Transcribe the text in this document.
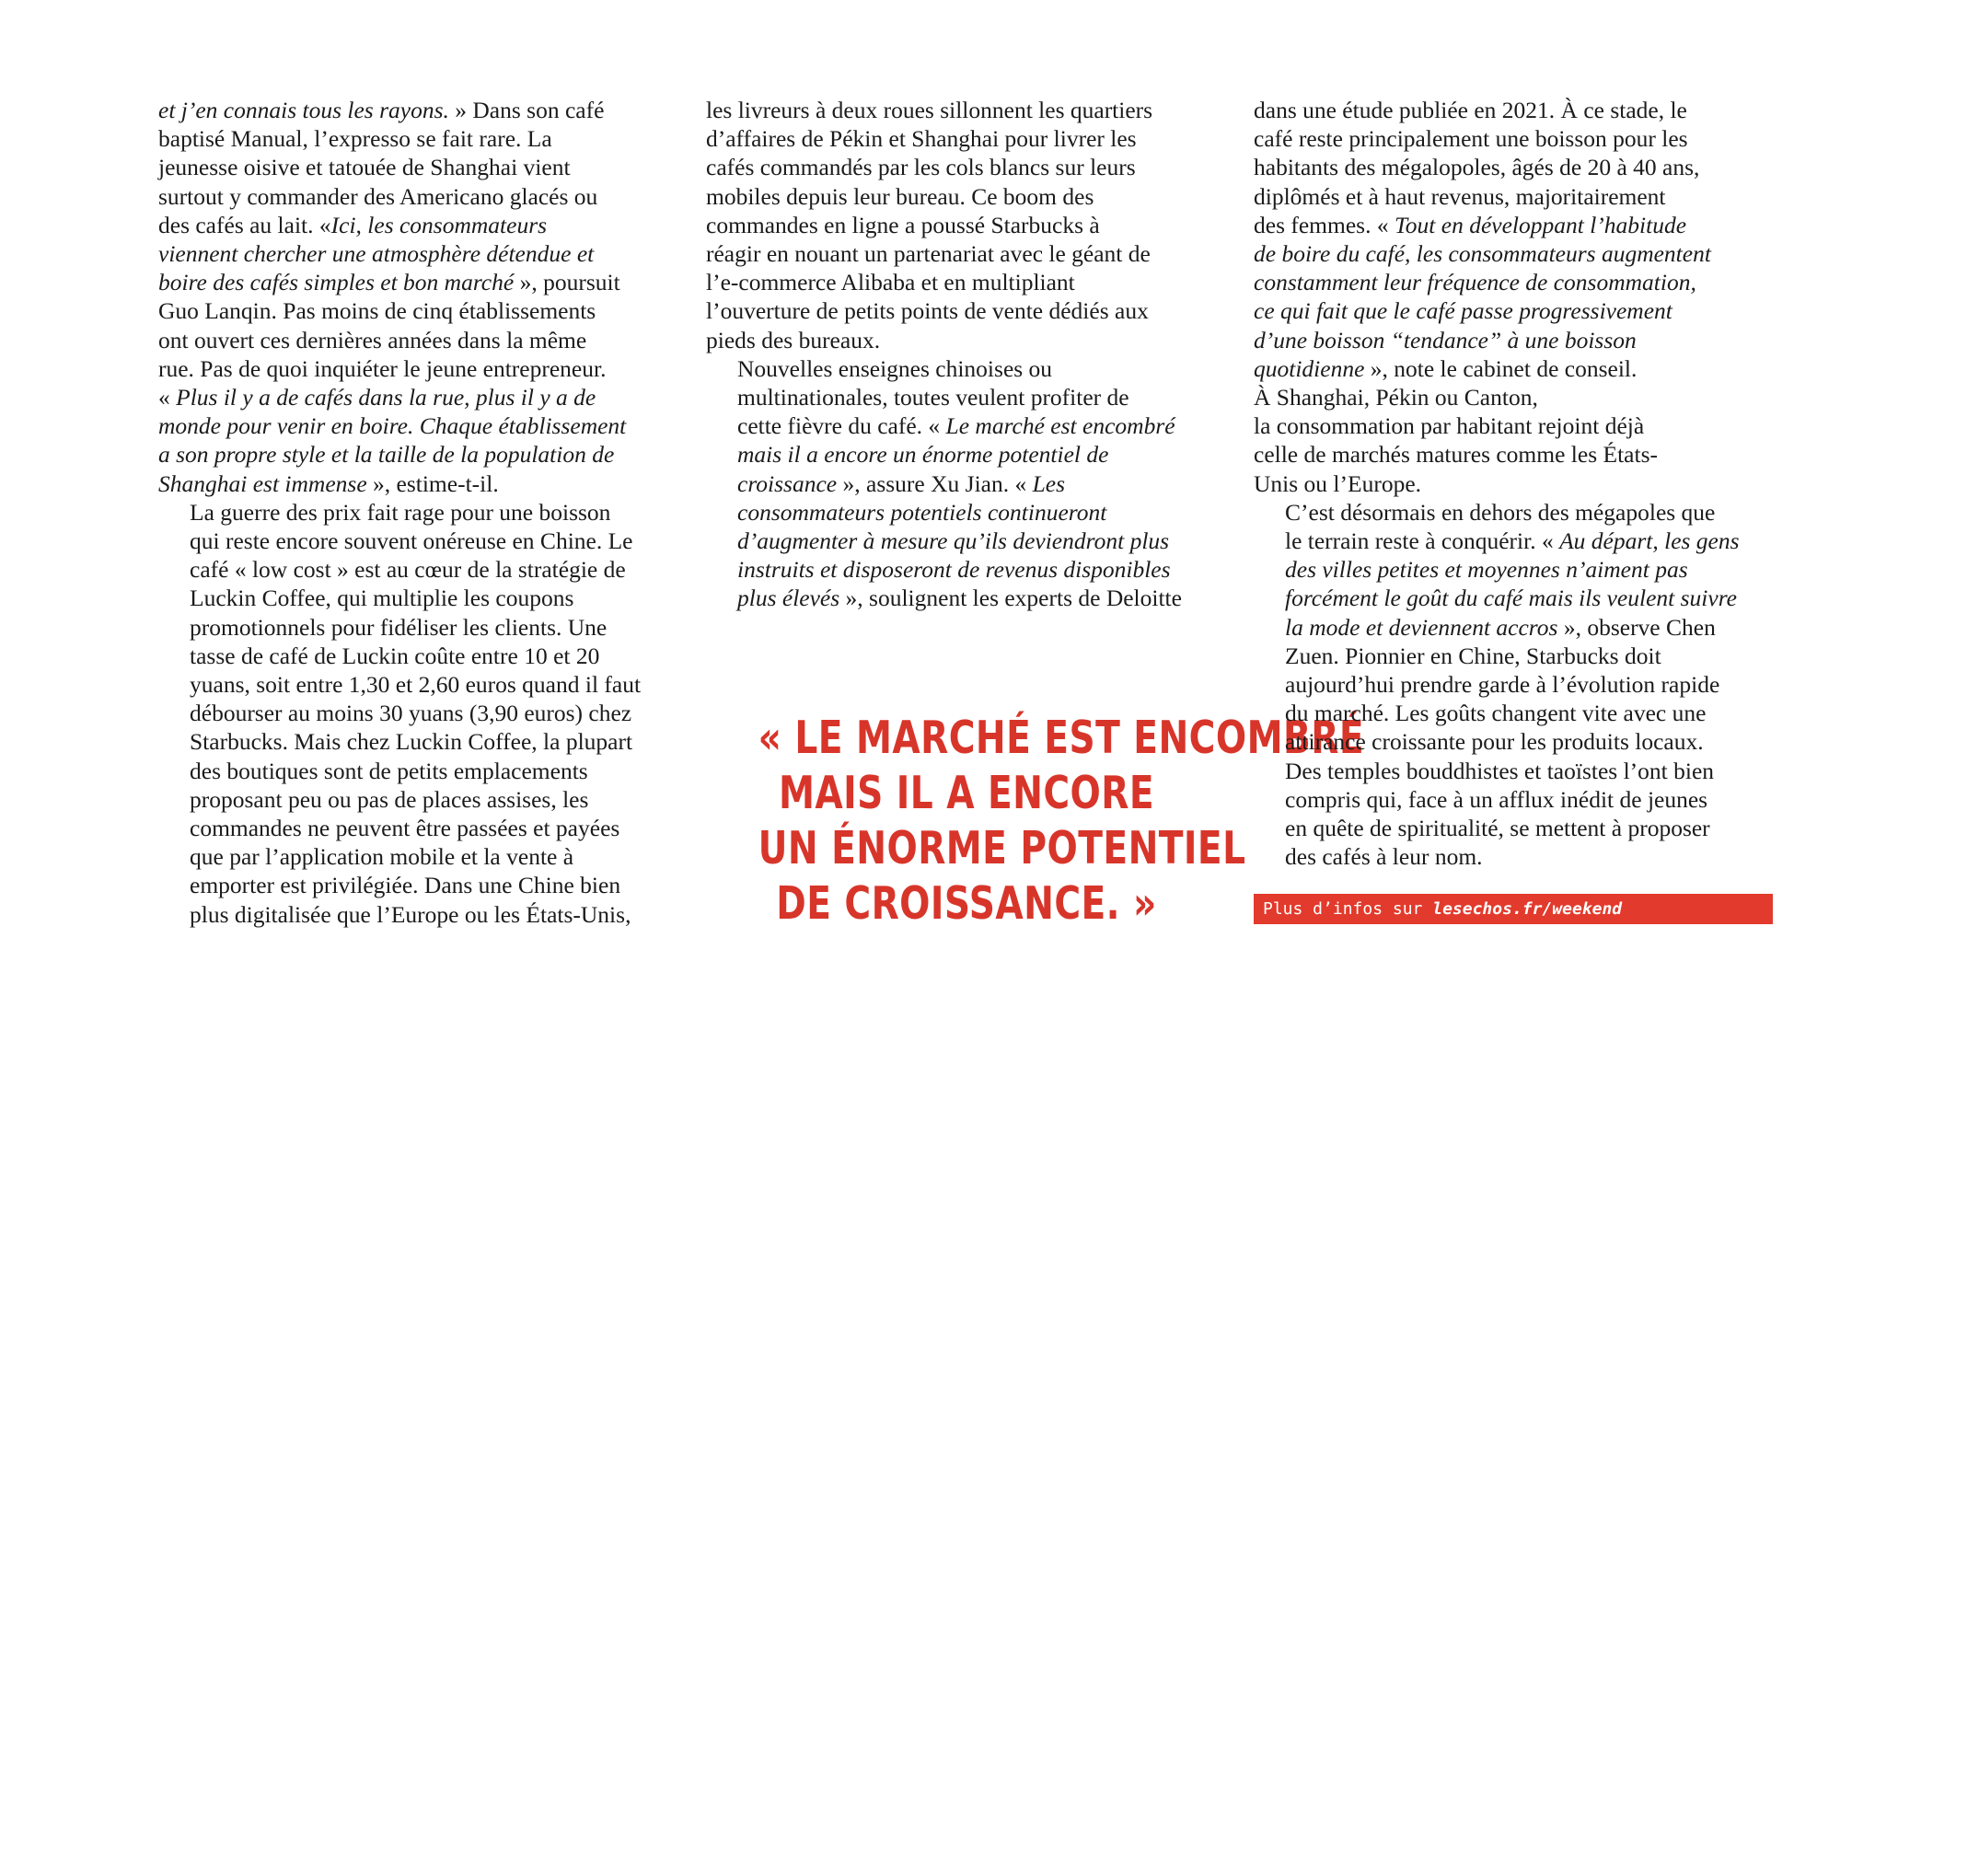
et j’en connais tous les rayons. » Dans son café
baptisé Manual, l’expresso se fait rare. La
jeunesse oisive et tatouée de Shanghai vient
surtout y commander des Americano glacés ou
des cafés au lait. «Ici, les consommateurs
viennent chercher une atmosphère détendue et
boire des cafés simples et bon marché », poursuit
Guo Lanqin. Pas moins de cinq établissements
ont ouvert ces dernières années dans la même
rue. Pas de quoi inquiéter le jeune entrepreneur.
« Plus il y a de cafés dans la rue, plus il y a de
monde pour venir en boire. Chaque établissement
a son propre style et la taille de la population de
Shanghai est immense », estime-t-il.

La guerre des prix fait rage pour une boisson
qui reste encore souvent onéreuse en Chine. Le
café « low cost » est au cœur de la stratégie de
Luckin Coffee, qui multiplie les coupons
promotionnels pour fidéliser les clients. Une
tasse de café de Luckin coûte entre 10 et 20
yuans, soit entre 1,30 et 2,60 euros quand il faut
débourser au moins 30 yuans (3,90 euros) chez
Starbucks. Mais chez Luckin Coffee, la plupart
des boutiques sont de petits emplacements
proposant peu ou pas de places assises, les
commandes ne peuvent être passées et payées
que par l’application mobile et la vente à
emporter est privilégiée. Dans une Chine bien
plus digitalisée que l’Europe ou les États-Unis,

les livreurs à deux roues sillonnent les quartiers
d’affaires de Pékin et Shanghai pour livrer les
cafés commandés par les cols blancs sur leurs
mobiles depuis leur bureau. Ce boom des
commandes en ligne a poussé Starbucks à
réagir en nouant un partenariat avec le géant de
l’e-commerce Alibaba et en multipliant
l’ouverture de petits points de vente dédiés aux
pieds des bureaux.

Nouvelles enseignes chinoises ou
multinationales, toutes veulent profiter de
cette fièvre du café. « Le marché est encombré
mais il a encore un énorme potentiel de
croissance », assure Xu Jian. « Les
consommateurs potentiels continueront
d’augmenter à mesure qu’ils deviendront plus
instruits et disposeront de revenus disponibles
plus élevés », soulignent les experts de Deloitte

« LE MARCHÉ EST ENCOMBRÉ
MAIS IL A ENCORE
UN ÉNORME POTENTIEL
DE CROISSANCE. »

dans une étude publiée en 2021. À ce stade, le
café reste principalement une boisson pour les
habitants des mégalopoles, âgés de 20 à 40 ans,
diplômés et à haut revenus, majoritairement
des femmes. « Tout en développant l’habitude
de boire du café, les consommateurs augmentent
constamment leur fréquence de consommation,
ce qui fait que le café passe progressivement
d’une boisson “tendance” à une boisson
quotidienne », note le cabinet de conseil.
À Shanghai, Pékin ou Canton,
la consommation par habitant rejoint déjà
celle de marchés matures comme les États-
Unis ou l’Europe.

C’est désormais en dehors des mégapoles que
le terrain reste à conquérir. « Au départ, les gens
des villes petites et moyennes n’aiment pas
forcément le goût du café mais ils veulent suivre
la mode et deviennent accros », observe Chen
Zuen. Pionnier en Chine, Starbucks doit
aujourd’hui prendre garde à l’évolution rapide
du marché. Les goûts changent vite avec une
attirance croissante pour les produits locaux.
Des temples bouddhistes et taoïstes l’ont bien
compris qui, face à un afflux inédit de jeunes
en quête de spiritualité, se mettent à proposer
des cafés à leur nom.

Plus d’infos sur lesechos.fr/weekend
